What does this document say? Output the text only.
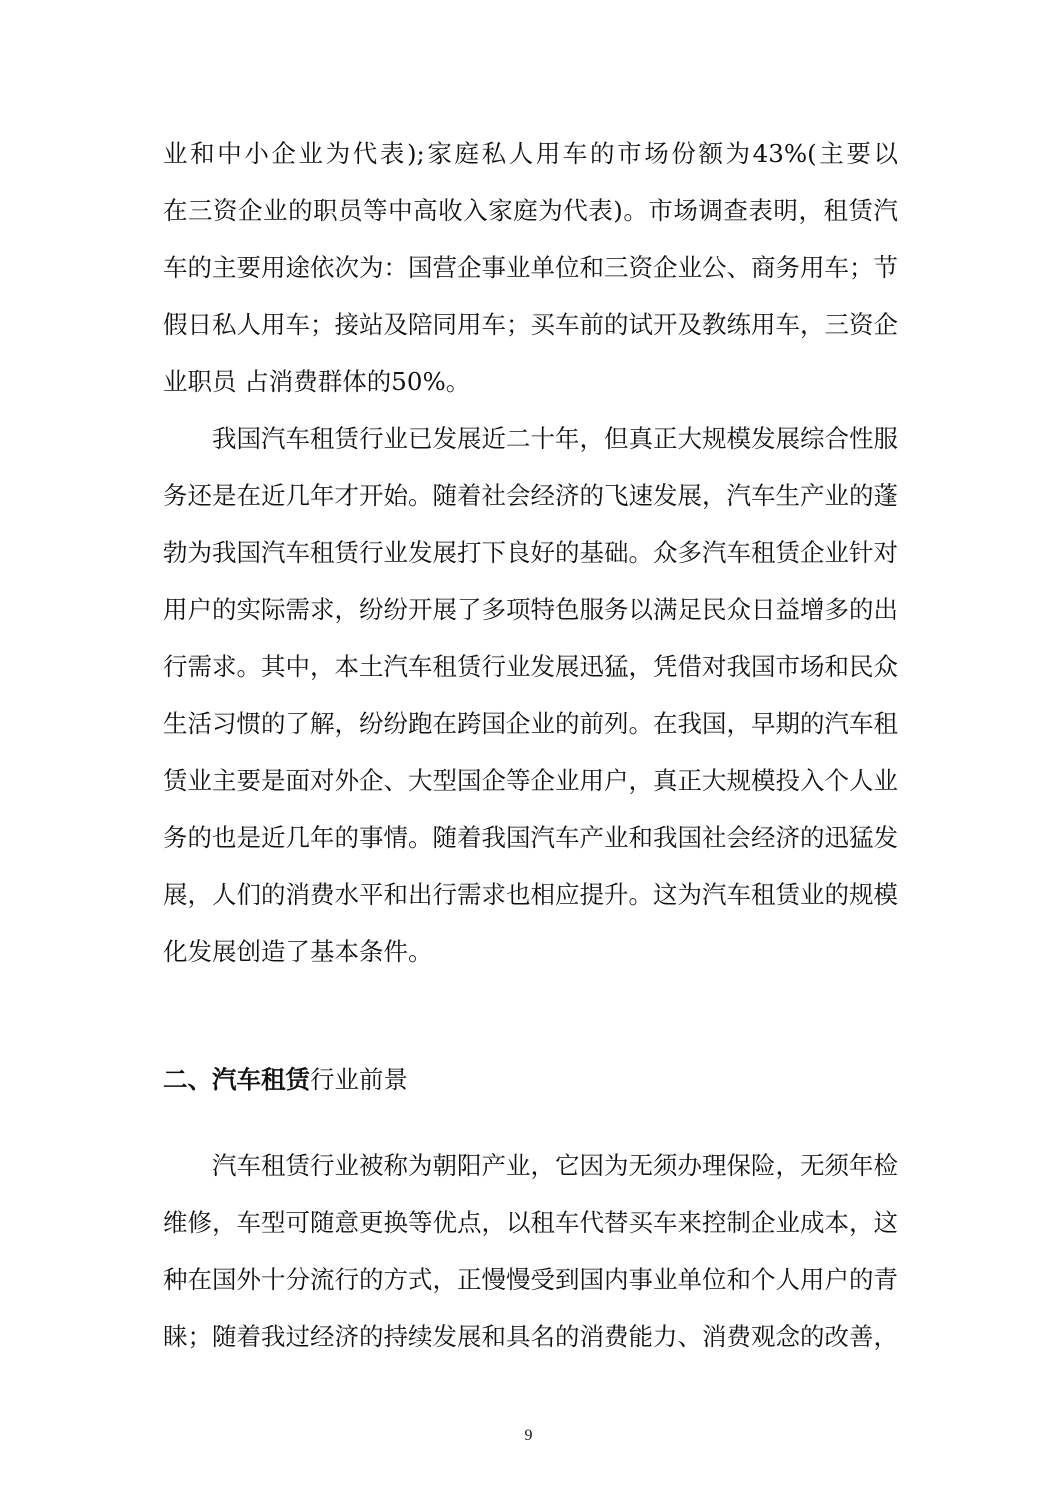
业和中小企业为代表);家庭私人用车的市场份额为43%(主要以
在三资企业的职员等中高收入家庭为代表)。市场调查表明，租赁汽
车的主要用途依次为：国营企事业单位和三资企业公、商务用车；节
假日私人用车；接站及陪同用车；买车前的试开及教练用车，三资企
业职员 占消费群体的50%。
我国汽车租赁行业已发展近二十年，但真正大规模发展综合性服
务还是在近几年才开始。随着社会经济的飞速发展，汽车生产业的蓬
勃为我国汽车租赁行业发展打下良好的基础。众多汽车租赁企业针对
用户的实际需求，纷纷开展了多项特色服务以满足民众日益增多的出
行需求。其中，本土汽车租赁行业发展迅猛，凭借对我国市场和民众
生活习惯的了解，纷纷跑在跨国企业的前列。在我国，早期的汽车租
赁业主要是面对外企、大型国企等企业用户，真正大规模投入个人业
务的也是近几年的事情。随着我国汽车产业和我国社会经济的迅猛发
展，人们的消费水平和出行需求也相应提升。这为汽车租赁业的规模
化发展创造了基本条件。
二、汽车租赁行业前景
汽车租赁行业被称为朝阳产业，它因为无须办理保险，无须年检
维修，车型可随意更换等优点，以租车代替买车来控制企业成本，这
种在国外十分流行的方式，正慢慢受到国内事业单位和个人用户的青
睐；随着我过经济的持续发展和具名的消费能力、消费观念的改善，
9
